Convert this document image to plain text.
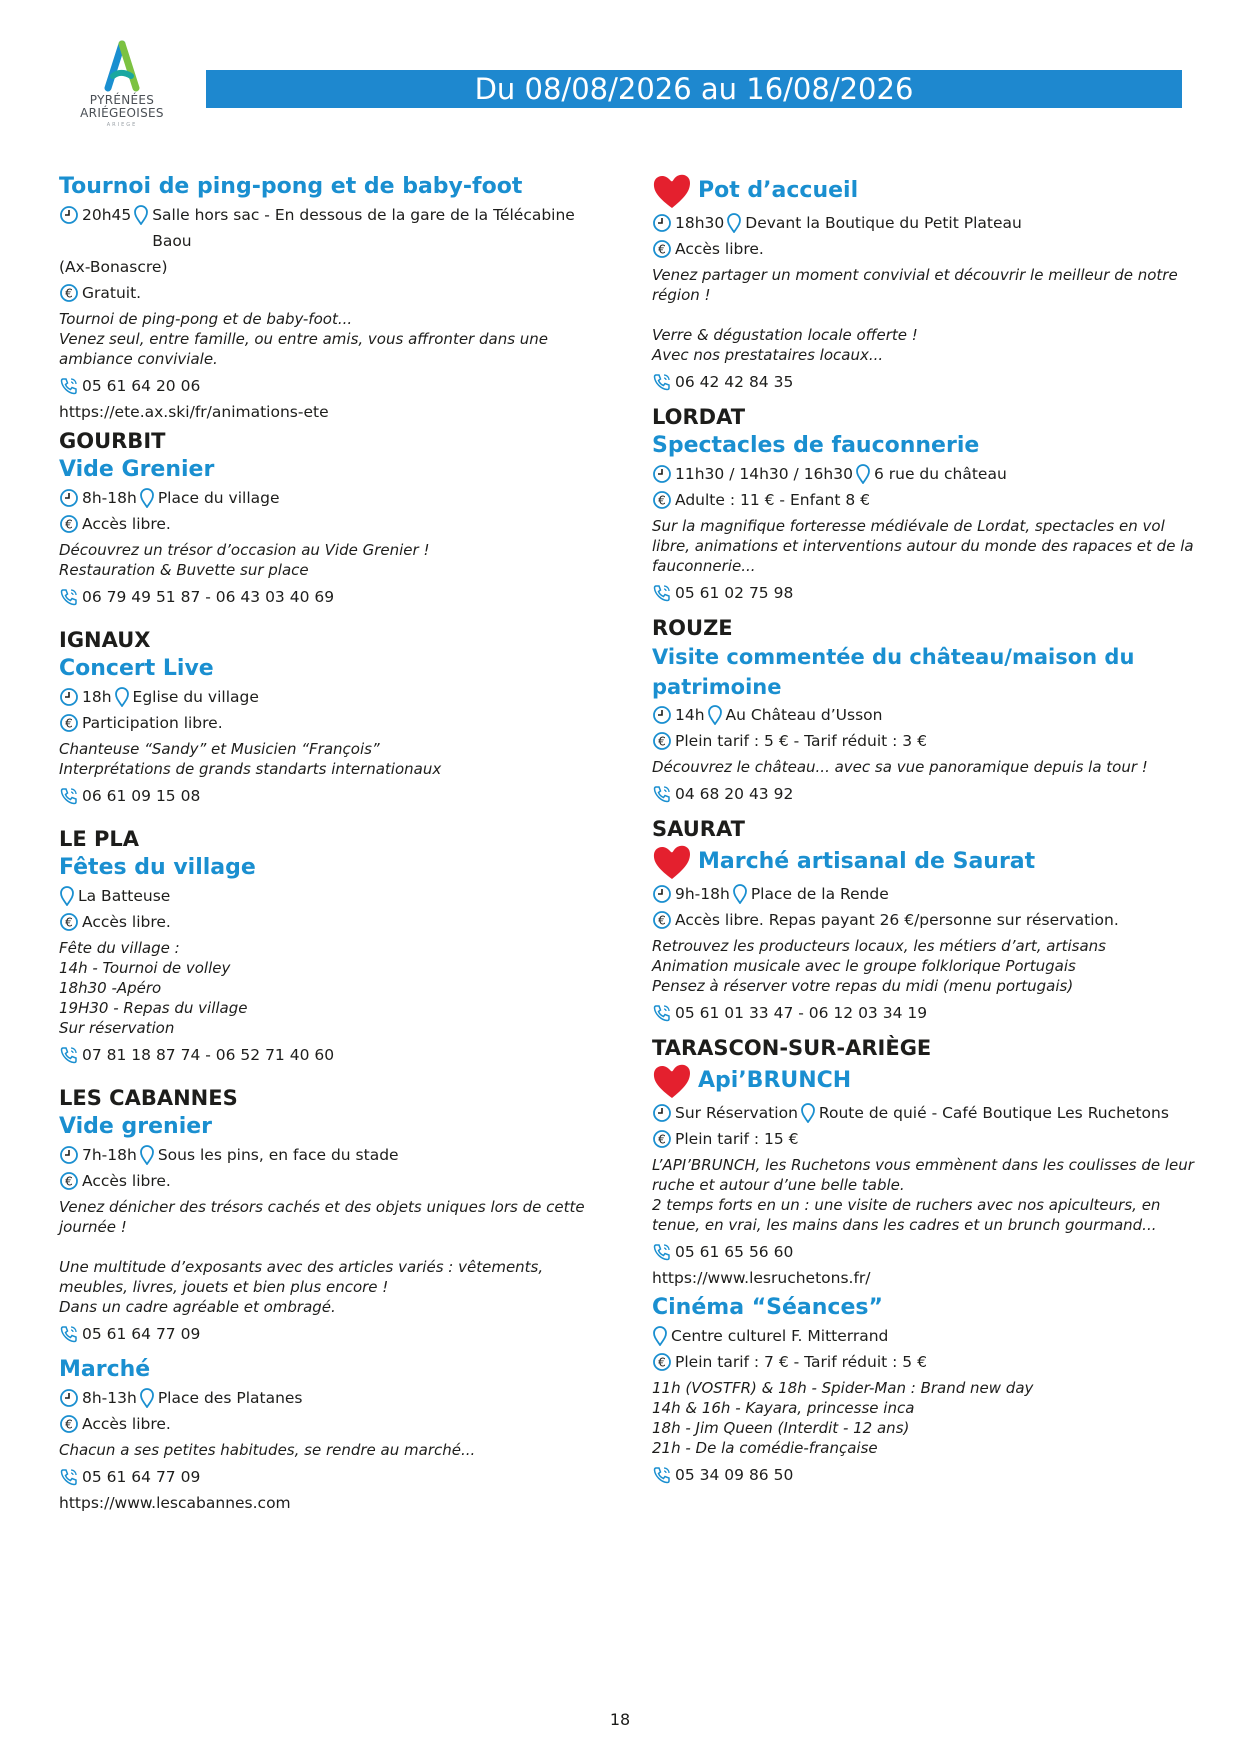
PYRÉNÉES
ARIÉGEOISES
ARIEGE
Du 08/08/2026 au 16/08/2026
Tournoi de ping-pong et de baby-foot
20h45 Salle hors sac - En dessous de la gare de la Télécabine Baou
(Ax-Bonascre)
€ Gratuit.
Tournoi de ping-pong et de baby-foot...
Venez seul, entre famille, ou entre amis, vous affronter dans une ambiance conviviale.
05 61 64 20 06
https://ete.ax.ski/fr/animations-ete
GOURBIT
Vide Grenier
8h-18h Place du village
€ Accès libre.
Découvrez un trésor d’occasion au Vide Grenier !
Restauration & Buvette sur place
06 79 49 51 87 - 06 43 03 40 69
IGNAUX
Concert Live
18h Eglise du village
€ Participation libre.
Chanteuse “Sandy” et Musicien “François”
Interprétations de grands standarts internationaux
06 61 09 15 08
LE PLA
Fêtes du village
La Batteuse
€ Accès libre.
Fête du village :
14h - Tournoi de volley
18h30 -Apéro
19H30 - Repas du village
Sur réservation
07 81 18 87 74 - 06 52 71 40 60
LES CABANNES
Vide grenier
7h-18h Sous les pins, en face du stade
€ Accès libre.
Venez dénicher des trésors cachés et des objets uniques lors de cette journée !

Une multitude d’exposants avec des articles variés : vêtements, meubles, livres, jouets et bien plus encore !
Dans un cadre agréable et ombragé.
05 61 64 77 09
Marché
8h-13h Place des Platanes
€ Accès libre.
Chacun a ses petites habitudes, se rendre au marché...
05 61 64 77 09
https://www.lescabannes.com
Pot d’accueil
18h30 Devant la Boutique du Petit Plateau
€ Accès libre.
Venez partager un moment convivial et découvrir le meilleur de notre région !

Verre & dégustation locale offerte !
Avec nos prestataires locaux...
06 42 42 84 35
LORDAT
Spectacles de fauconnerie
11h30 / 14h30 / 16h30 6 rue du château
€ Adulte : 11 € - Enfant 8 €
Sur la magnifique forteresse médiévale de Lordat, spectacles en vol libre, animations et interventions autour du monde des rapaces et de la fauconnerie...
05 61 02 75 98
ROUZE
Visite commentée du château/maison du patrimoine
14h Au Château d’Usson
€ Plein tarif : 5 € - Tarif réduit : 3 €
Découvrez le château... avec sa vue panoramique depuis la tour !
04 68 20 43 92
SAURAT
Marché artisanal de Saurat
9h-18h Place de la Rende
€ Accès libre. Repas payant 26 €/personne sur réservation.
Retrouvez les producteurs locaux, les métiers d’art, artisans
Animation musicale avec le groupe folklorique Portugais
Pensez à réserver votre repas du midi (menu portugais)
05 61 01 33 47 - 06 12 03 34 19
TARASCON-SUR-ARIÈGE
Api’BRUNCH
Sur Réservation Route de quié - Café Boutique Les Ruchetons
€ Plein tarif : 15 €
L’API’BRUNCH, les Ruchetons vous emmènent dans les coulisses de leur ruche et autour d’une belle table.
2 temps forts en un : une visite de ruchers avec nos apiculteurs, en tenue, en vrai, les mains dans les cadres et un brunch gourmand...
05 61 65 56 60
https://www.lesruchetons.fr/
Cinéma “Séances”
Centre culturel F. Mitterrand
€ Plein tarif : 7 € - Tarif réduit : 5 €
11h (VOSTFR) & 18h - Spider-Man : Brand new day
14h & 16h - Kayara, princesse inca
18h - Jim Queen (Interdit - 12 ans)
21h - De la comédie-française
05 34 09 86 50
18
